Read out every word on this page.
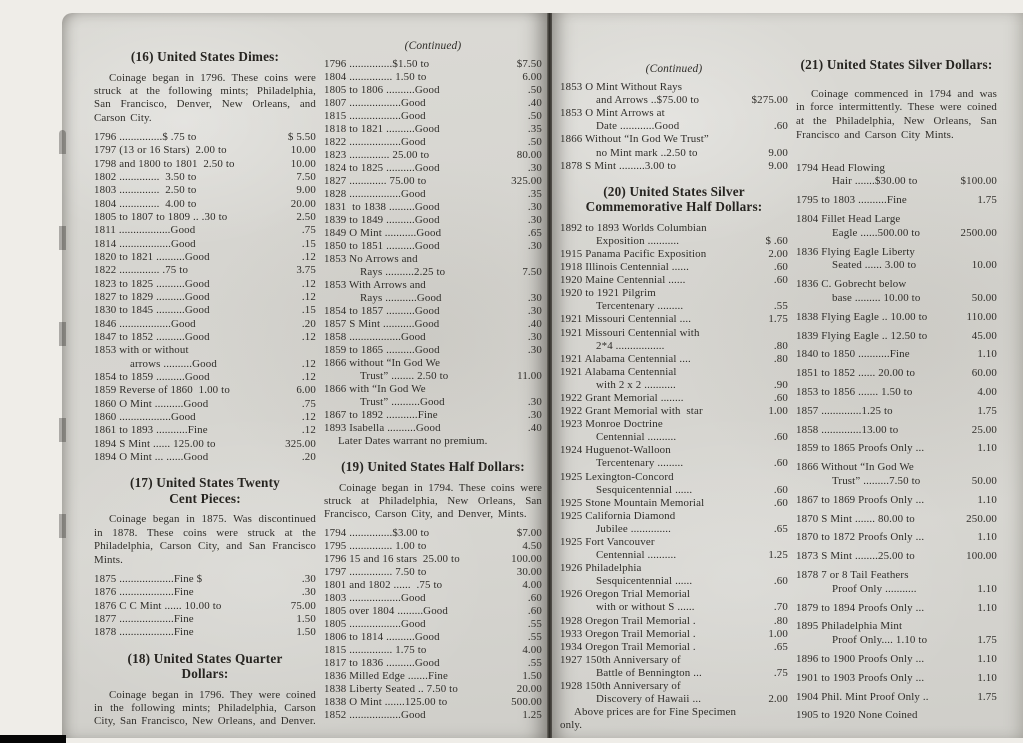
(16) United States Dimes:
Coinage began in 1796. These coins were struck at the following mints; Philadelphia, San Francisco, Denver, New Orleans, and Carson City.
1796 ...............$ .75 to	$ 5.50
1797 (13 or 16 Stars)  2.00 to	10.00
1798 and 1800 to 1801  2.50 to	10.00
1802 ..............  3.50 to	7.50
1803 ..............  2.50 to	9.00
1804 ..............  4.00 to	20.00
1805 to 1807 to 1809 .. .30 to	2.50
1811 ..................Good	.75
1814 ..................Good	.15
1820 to 1821 ..........Good	.12
1822 .............. .75 to	3.75
1823 to 1825 ..........Good	.12
1827 to 1829 ..........Good	.12
1830 to 1845 ..........Good	.15
1846 ..................Good	.20
1847 to 1852 ..........Good	.12
1853 with or without
arrows ..........Good	.12
1854 to 1859 ..........Good	.12
1859 Reverse of 1860  1.00 to	6.00
1860 O Mint ..........Good	.75
1860 ..................Good	.12
1861 to 1893 ...........Fine	.12
1894 S Mint ...... 125.00 to	325.00
1894 O Mint ... ......Good	.20
(17) United States Twenty
Cent Pieces:
Coinage began in 1875. Was discontinued in 1878. These coins were struck at the Philadelphia, Carson City, and San Francisco Mints.
1875 ...................Fine $	.30
1876 ...................Fine	.30
1876 C C Mint ...... 10.00 to	75.00
1877 ...................Fine	1.50
1878 ...................Fine	1.50
(18) United States Quarter
Dollars:
Coinage began in 1796. They were coined in the following mints; Philadelphia, Carson City, San Francisco, New Orleans, and Denver.
(Continued)
1796 ...............$1.50 to	$7.50
1804 ............... 1.50 to	6.00
1805 to 1806 ..........Good	.50
1807 ..................Good	.40
1815 ..................Good	.50
1818 to 1821 ..........Good	.35
1822 ..................Good	.50
1823 .............. 25.00 to	80.00
1824 to 1825 ..........Good	.30
1827 ............. 75.00 to	325.00
1828 ..................Good	.35
1831  to 1838 .........Good	.30
1839 to 1849 ..........Good	.30
1849 O Mint ...........Good	.65
1850 to 1851 ..........Good	.30
1853 No Arrows and
Rays ..........2.25 to	7.50
1853 With Arrows and
Rays ...........Good	.30
1854 to 1857 ..........Good	.30
1857 S Mint ...........Good	.40
1858 ..................Good	.30
1859 to 1865 ..........Good	.30
1866 without “In God We
Trust” ........ 2.50 to	11.00
1866 with “In God We
Trust” ..........Good	.30
1867 to 1892 ...........Fine	.30
1893 Isabella ..........Good	.40
Later Dates warrant no premium.
(19) United States Half Dollars:
Coinage began in 1794. These coins were struck at Philadelphia, New Orleans, San Francisco, Carson City, and Denver, Mints.
1794 ...............$3.00 to	$7.00
1795 ............... 1.00 to	4.50
1796 15 and 16 stars  25.00 to	100.00
1797 ............... 7.50 to	30.00
1801 and 1802 ......  .75 to	4.00
1803 ..................Good	.60
1805 over 1804 .........Good	.60
1805 ..................Good	.55
1806 to 1814 ..........Good	.55
1815 ............... 1.75 to	4.00
1817 to 1836 ..........Good	.55
1836 Milled Edge .......Fine	1.50
1838 Liberty Seated .. 7.50 to	20.00
1838 O Mint .......125.00 to	500.00
1852 ..................Good	1.25
(Continued)
1853 O Mint Without Rays
and Arrows ..$75.00 to	$275.00
1853 O Mint Arrows at
Date ............Good	.60
1866 Without “In God We Trust”
no Mint mark ..2.50 to	9.00
1878 S Mint .........3.00 to	9.00
(20) United States Silver
Commemorative Half Dollars:
1892 to 1893 Worlds Columbian
Exposition ...........	$ .60
1915 Panama Pacific Exposition	2.00
1918 Illinois Centennial ......	.60
1920 Maine Centennial ......	.60
1920 to 1921 Pilgrim
Tercentenary .........	.55
1921 Missouri Centennial ....	1.75
1921 Missouri Centennial with
2*4 .................	.80
1921 Alabama Centennial ....	.80
1921 Alabama Centennial
with 2 x 2 ...........	.90
1922 Grant Memorial ........	.60
1922 Grant Memorial with  star	1.00
1923 Monroe Doctrine
Centennial ..........	.60
1924 Huguenot-Walloon
Tercentenary .........	.60
1925 Lexington-Concord
Sesquicentennial ......	.60
1925 Stone Mountain Memorial	.60
1925 California Diamond
Jubilee ..............	.65
1925 Fort Vancouver
Centennial ..........	1.25
1926 Philadelphia
Sesquicentennial ......	.60
1926 Oregon Trial Memorial
with or without S ......	.70
1928 Oregon Trail Memorial .	.80
1933 Oregon Trail Memorial .	1.00
1934 Oregon Trail Memorial .	.65
1927 150th Anniversary of
Battle of Bennington ...	.75
1928 150th Anniversary of
Discovery of Hawaii ...	2.00
Above prices are for Fine Specimen
only.
(21) United States Silver Dollars:
Coinage commenced in 1794 and was in force intermittently. These were coined at the Philadelphia, New Orleans, San Francisco and Carson City Mints.
1794 Head Flowing
Hair .......$30.00 to	$100.00
1795 to 1803 ..........Fine	1.75
1804 Fillet Head Large
Eagle ......500.00 to	2500.00
1836 Flying Eagle Liberty
Seated ...... 3.00 to	10.00
1836 C. Gobrecht below
base ......... 10.00 to	50.00
1838 Flying Eagle .. 10.00 to	110.00
1839 Flying Eagle .. 12.50 to	45.00
1840 to 1850 ...........Fine	1.10
1851 to 1852 ...... 20.00 to	60.00
1853 to 1856 ....... 1.50 to	4.00
1857 ..............1.25 to	1.75
1858 ..............13.00 to	25.00
1859 to 1865 Proofs Only ...	1.10
1866 Without “In God We
Trust” .........7.50 to	50.00
1867 to 1869 Proofs Only ...	1.10
1870 S Mint ....... 80.00 to	250.00
1870 to 1872 Proofs Only ...	1.10
1873 S Mint ........25.00 to	100.00
1878 7 or 8 Tail Feathers
Proof Only ...........	1.10
1879 to 1894 Proofs Only ...	1.10
1895 Philadelphia Mint
Proof Only.... 1.10 to	1.75
1896 to 1900 Proofs Only ...	1.10
1901 to 1903 Proofs Only ...	1.10
1904 Phil. Mint Proof Only ..	1.75
1905 to 1920 None Coined
